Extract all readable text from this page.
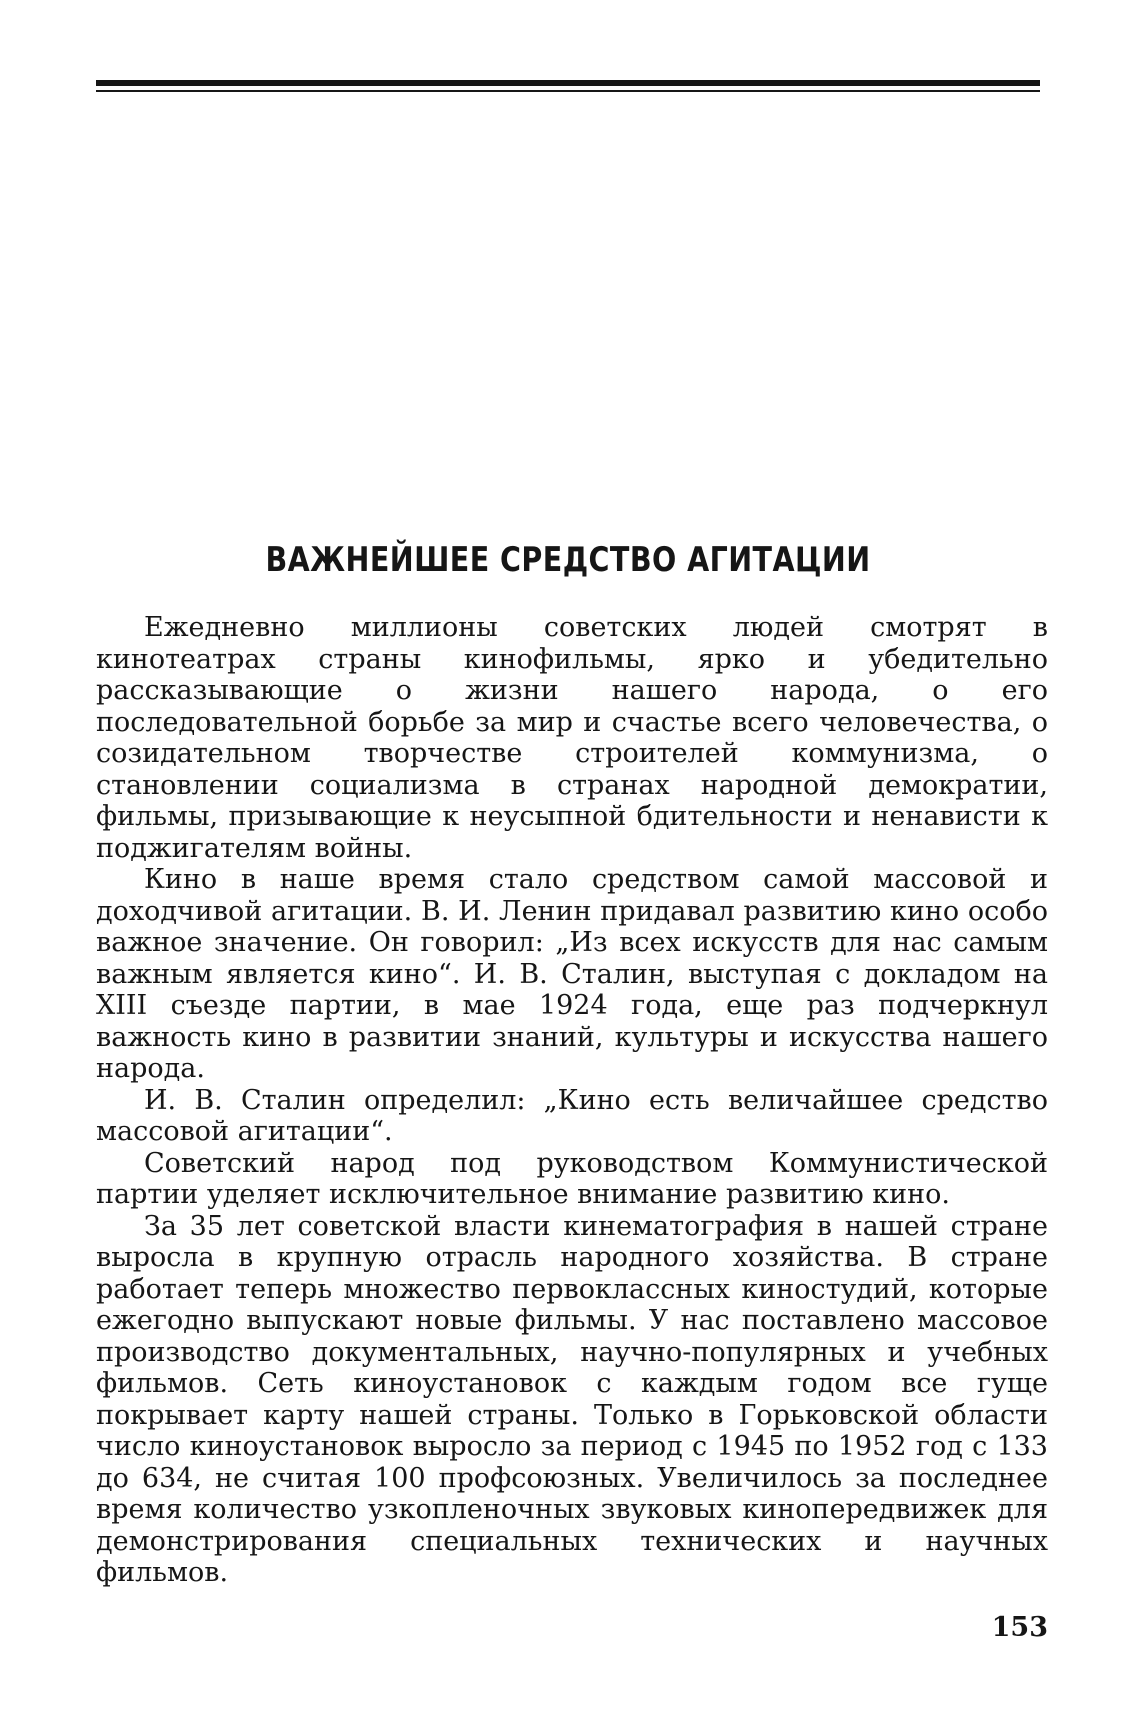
ВАЖНЕЙШЕЕ СРЕДСТВО АГИТАЦИИ

Ежедневно миллионы советских людей смотрят в кинотеатрах страны кинофильмы, ярко и убедительно рассказывающие о жизни нашего народа, о его последовательной борьбе за мир и счастье всего человечества, о созидательном творчестве строителей коммунизма, о становлении социализма в странах народной демократии, фильмы, призывающие к неусыпной бдительности и ненависти к поджигателям войны.

Кино в наше время стало средством самой массовой и доходчивой агитации. В. И. Ленин придавал развитию кино особо важное значение. Он говорил: „Из всех искусств для нас самым важным является кино“. И. В. Сталин, выступая с докладом на XIII съезде партии, в мае 1924 года, еще раз подчеркнул важность кино в развитии знаний, культуры и искусства нашего народа.

И. В. Сталин определил: „Кино есть величайшее средство массовой агитации“.

Советский народ под руководством Коммунистической партии уделяет исключительное внимание развитию кино.

За 35 лет советской власти кинематография в нашей стране выросла в крупную отрасль народного хозяйства. В стране работает теперь множество первоклассных киностудий, которые ежегодно выпускают новые фильмы. У нас поставлено массовое производство документальных, научно-популярных и учебных фильмов. Сеть киноустановок с каждым годом все гуще покрывает карту нашей страны. Только в Горьковской области число киноустановок выросло за период с 1945 по 1952 год с 133 до 634, не считая 100 профсоюзных. Увеличилось за последнее время количество узкопленочных звуковых кинопередвижек для демонстрирования специальных технических и научных фильмов.

153
